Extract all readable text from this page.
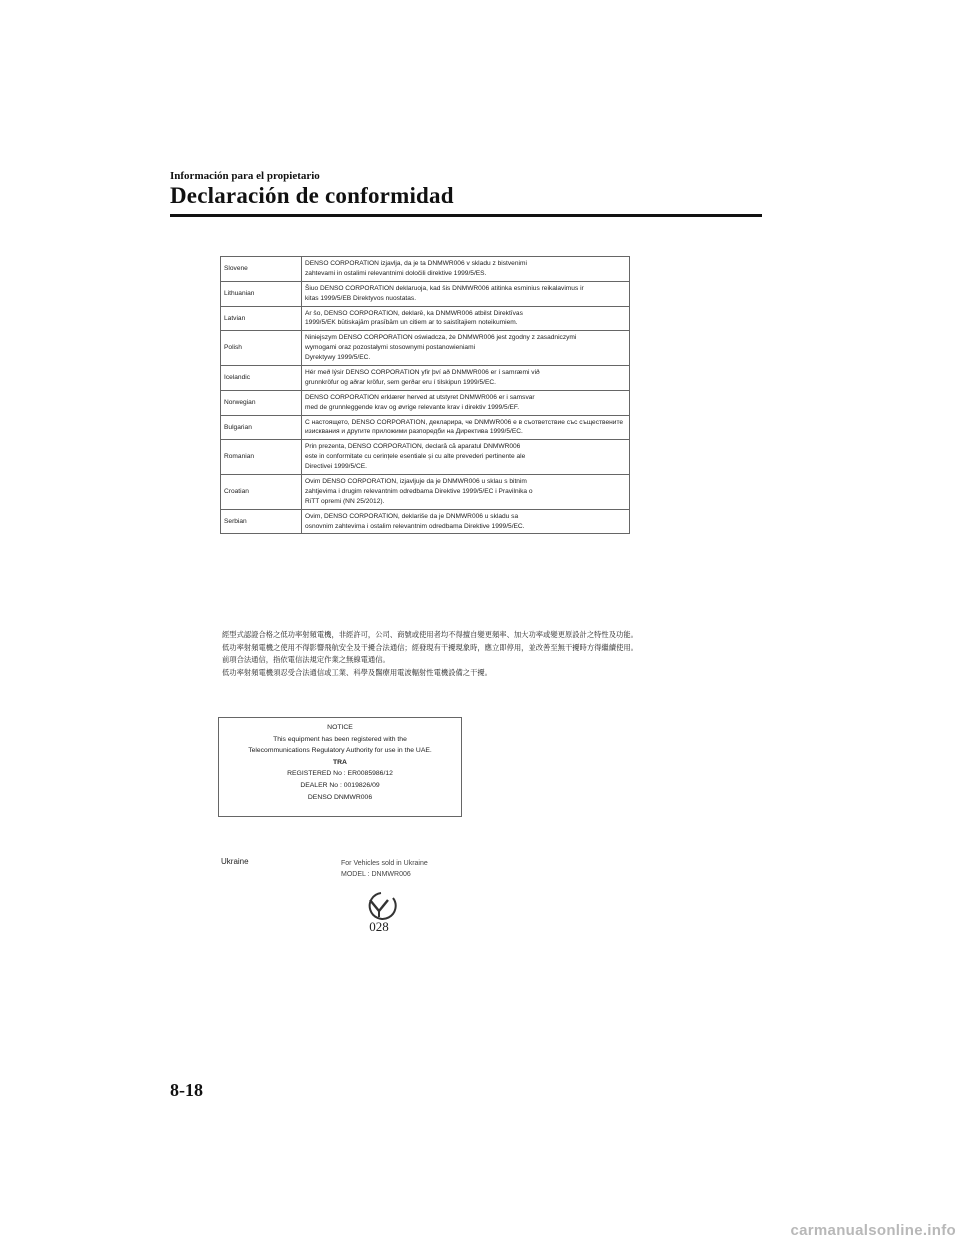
Información para el propietario
Declaración de conformidad
Slovene	DENSO CORPORATION izjavlja, da je ta DNMWR006 v skladu z bistvenimi
zahtevami in ostalimi relevantnimi določili direktive 1999/5/ES.

Lithuanian	Šiuo DENSO CORPORATION deklaruoja, kad šis DNMWR006 atitinka esminius reikalavimus ir
kitas 1999/5/EB Direktyvos nuostatas.

Latvian	Ar šo, DENSO CORPORATION, deklarē, ka DNMWR006 atbilst Direktīvas
1999/5/EK būtiskajām prasībām un citiem ar to saistītajiem noteikumiem.

Polish	Niniejszym DENSO CORPORATION oświadcza, że DNMWR006 jest zgodny z zasadniczymi
wymogami oraz pozostałymi stosownymi postanowieniami
Dyrektywy 1999/5/EC.

Icelandic	Hér með lýsir DENSO CORPORATION yfir því að DNMWR006 er í samræmi við
grunnkröfur og aðrar kröfur, sem gerðar eru í tilskipun 1999/5/EC.

Norwegian	DENSO CORPORATION erklærer herved at utstyret DNMWR006 er i samsvar
med de grunnleggende krav og øvrige relevante krav i direktiv 1999/5/EF.

Bulgarian	С настоящето, DENSO CORPORATION, декларира, че DNMWR006 е в съответствие със съществените
изисквания и другите приложими разпоредби на Директива 1999/5/ЕС.

Romanian	Prin prezenta, DENSO CORPORATION, declară că aparatul DNMWR006
este in conformitate cu cerințele esentiale și cu alte prevederi pertinente ale
Directivei 1999/5/CE.

Croatian	Ovim DENSO CORPORATION, izjavljuje da je DNMWR006 u sklau s bitnim
zahtjevima i drugim relevantnim odredbama Direktive 1999/5/EC i Pravilnika o
RiTT opremi (NN 25/2012).

Serbian	Ovim, DENSO CORPORATION, deklariše da je DNMWR006 u skladu sa
osnovnim zahtevima i ostalim relevantnim odredbama Direktive 1999/5/EC.
經型式認證合格之低功率射頻電機，非經許可，公司、商號或使用者均不得擅自變更頻率、加大功率或變更原設計之特性及功能。
低功率射頻電機之使用不得影響飛航安全及干擾合法通信；經發現有干擾現象時，應立即停用，並改善至無干擾時方得繼續使用。
前項合法通信，指依電信法規定作業之無線電通信。
低功率射頻電機須忍受合法通信或工業、科學及醫療用電波輻射性電機設備之干擾。
NOTICE
This equipment has been registered with the
Telecommunications Regulatory Authority for use in the UAE.
TRA
REGISTERED No : ER0085986/12
DEALER No : 0019826/09
DENSO DNMWR006
Ukraine	For Vehicles sold in Ukraine
MODEL : DNMWR006
028
8-18
carmanualsonline.info
